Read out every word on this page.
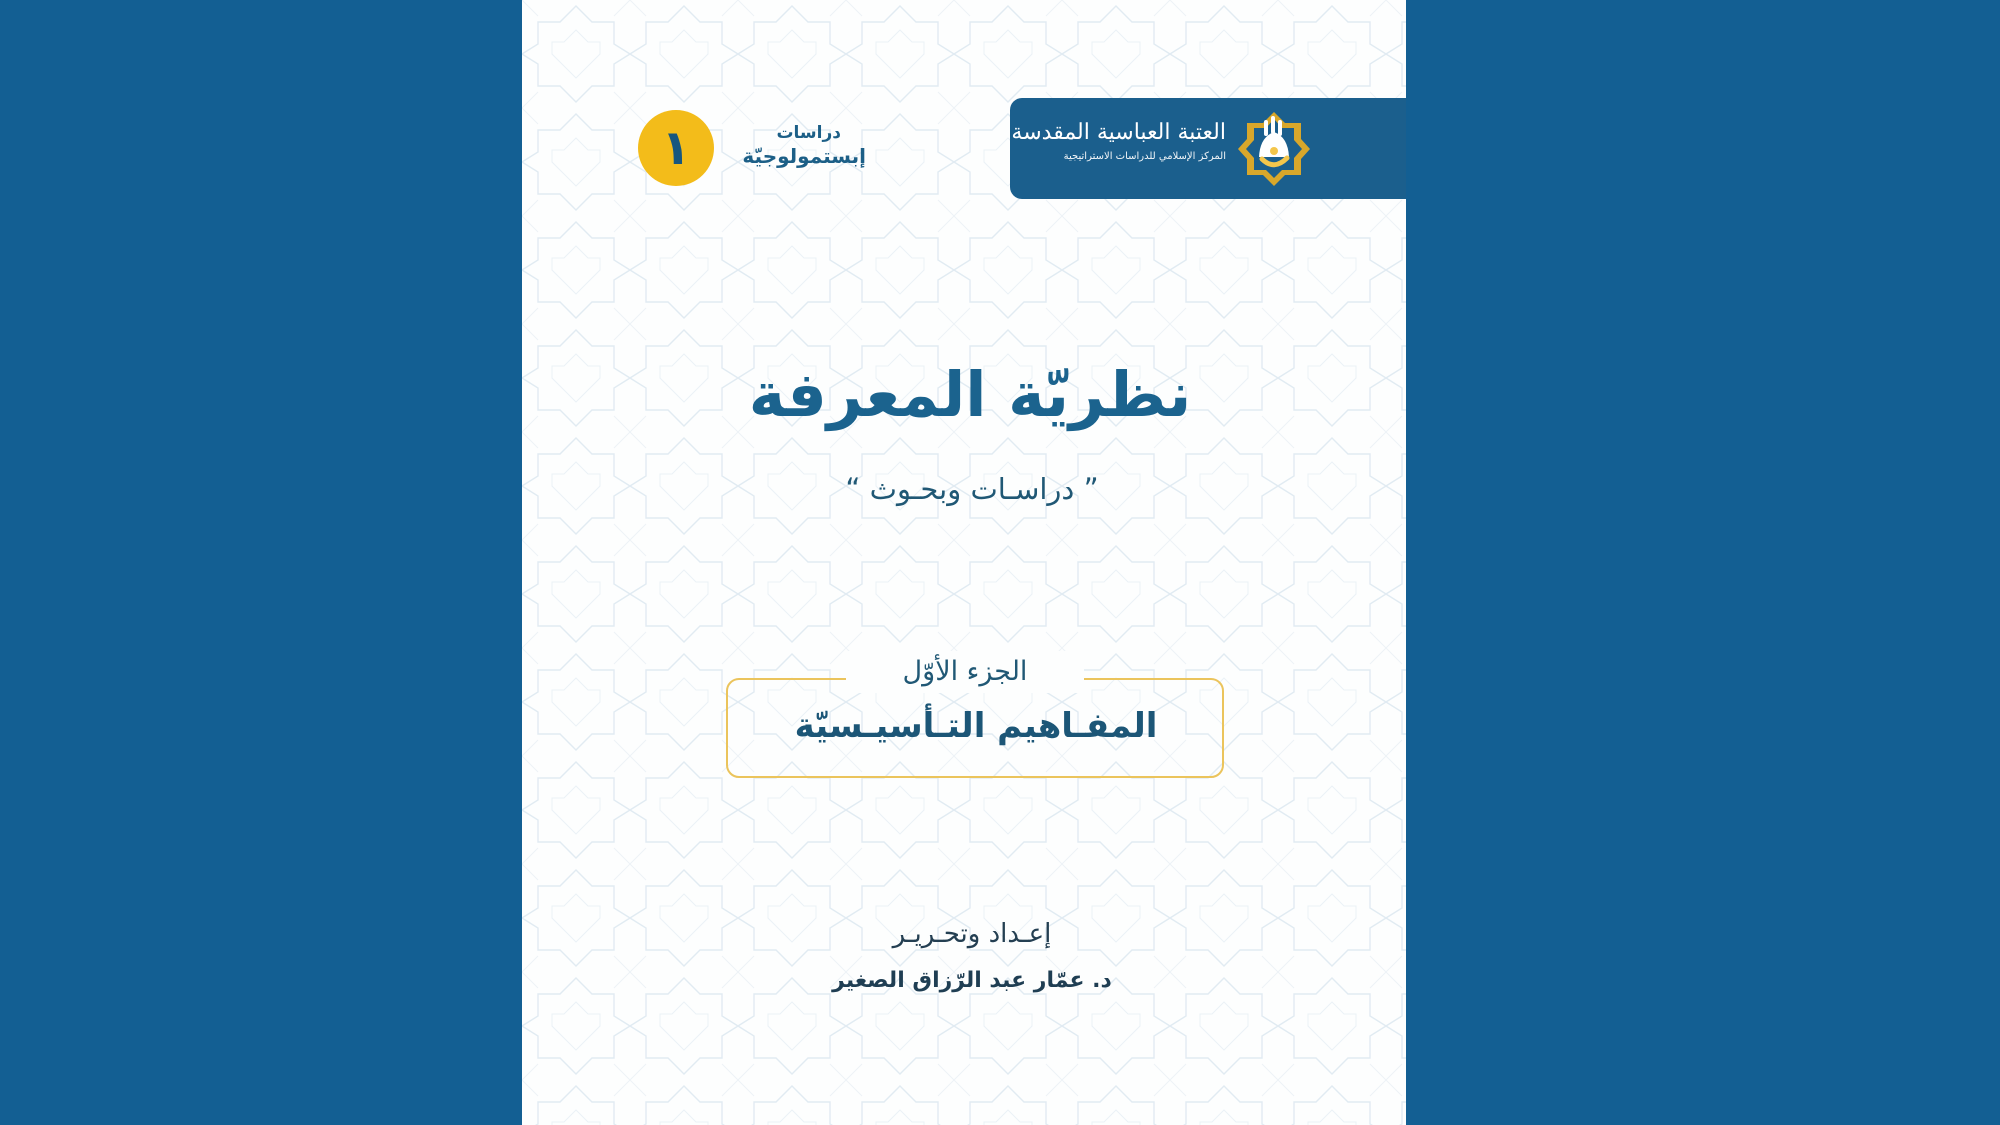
العتبة العباسية المقدسة
المركز الإسلامي للدراسات الاستراتيجية
١	دراسات
إبستمولوجيّة
نظريّة المعرفة
” دراسـات وبحـوث “
الجزء الأوّل
المفـاهيم التـأسيـسيّة
إعـداد وتحـريـر
د. عمّار عبد الرّزاق الصغير
